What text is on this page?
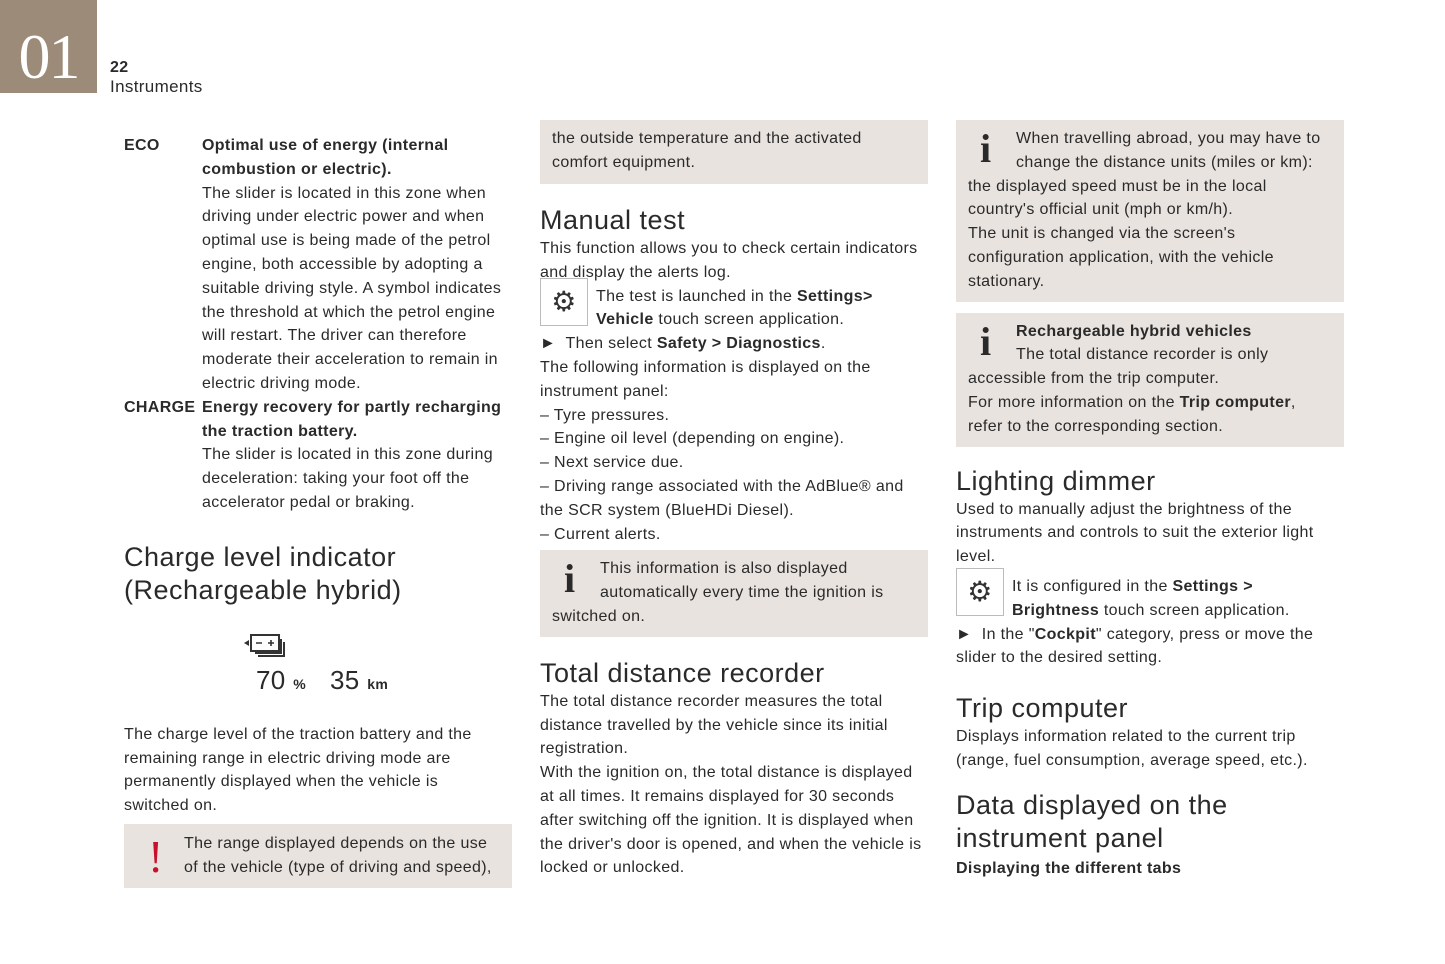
01	22
Instruments
ECO	Optimal use of energy (internal combustion or electric).
The slider is located in this zone when driving under electric power and when optimal use is being made of the petrol engine, both accessible by adopting a suitable driving style. A symbol indicates the threshold at which the petrol engine will restart. The driver can therefore moderate their acceleration to remain in electric driving mode.
CHARGE Energy recovery for partly recharging the traction battery.
The slider is located in this zone during deceleration: taking your foot off the accelerator pedal or braking.
Charge level indicator (Rechargeable hybrid)
70 % 35 km

The charge level of the traction battery and the remaining range in electric driving mode are permanently displayed when the vehicle is switched on.

!	The range displayed depends on the use of the vehicle (type of driving and speed),
the outside temperature and the activated comfort equipment.
Manual test

This function allows you to check certain indicators and display the alerts log.

⚙	The test is launched in the Settings>
Vehicle touch screen application.

►  Then select Safety > Diagnostics.

The following information is displayed on the instrument panel:

– Tyre pressures.
– Engine oil level (depending on engine).
– Next service due.
– Driving range associated with the AdBlue® and the SCR system (BlueHDi Diesel).
– Current alerts.
i	This information is also displayed automatically every time the ignition is switched on.
Total distance recorder

The total distance recorder measures the total distance travelled by the vehicle since its initial registration.

With the ignition on, the total distance is displayed at all times. It remains displayed for 30 seconds after switching off the ignition. It is displayed when the driver's door is opened, and when the vehicle is locked or unlocked.

i	When travelling abroad, you may have to change the distance units (miles or km): the displayed speed must be in the local country's official unit (mph or km/h).
The unit is changed via the screen's configuration application, with the vehicle stationary.
i	Rechargeable hybrid vehicles
The total distance recorder is only accessible from the trip computer.
For more information on the Trip computer, refer to the corresponding section.
Lighting dimmer

Used to manually adjust the brightness of the instruments and controls to suit the exterior light level.

⚙	It is configured in the Settings >
Brightness touch screen application.

►  In the "Cockpit" category, press or move the slider to the desired setting.

Trip computer

Displays information related to the current trip (range, fuel consumption, average speed, etc.).

Data displayed on the instrument panel
Displaying the different tabs
